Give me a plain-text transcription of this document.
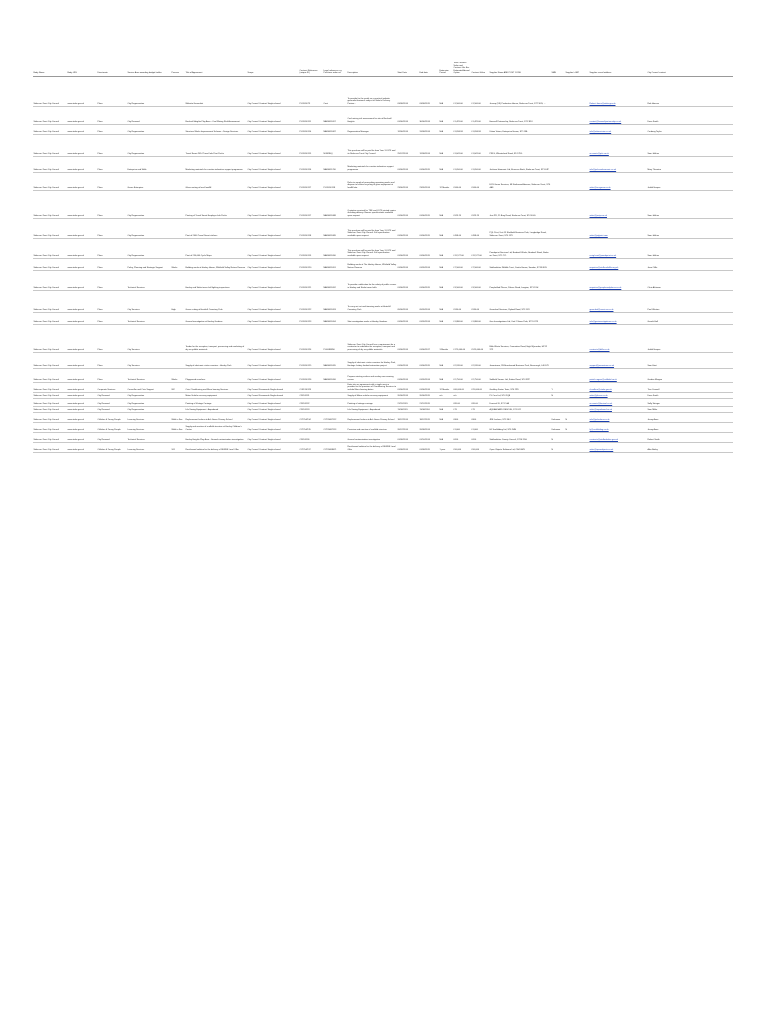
Body Name	Body URL	Directorate	Service Area awarding budget holder	Process	Title of Agreement	Scope	Contract Reference (unique ID)	Legal reference e.g. Purchase order no.	Description	Start Date	End date	Extension Period	Total Contract Value and Contract Life Exc Estimated Annual Option	Contract Value	Supplier Name AND POST CODE	SME	Supplier's VAT	Supplier e-mail address	City Council contact
Stoke-on-Trent City Council	www.stoke.gov.uk	Place	City Regeneration		Website Generalist	City Council Contract Single-shared	PL/2014/73	Cont	To provide for the youth an a practical website generalist business subject to Stoke's Delivery Partner...	03/08/2014	03/08/2015	N/A	£1,500.00	£1,500.00	Jessup (UK) Production House, Stoke-on-Trent, ST7 5DN, ...			Robert.Jones@stoke.gov.uk	Rob Hancox
Stoke-on-Trent City Council	www.stoke.gov.uk	Place	City Renewal		Bucknall Heights Play Area - Coal Mining Risk Assessment	City Council Contract Single-shared	PL/2014/111	NAR0011697	Coal mining risk assessment for site at Bucknall Heights	01/06/2014	30/06/2014	N/A	£1,425.00	£1,425.00	Haswell Partnership, Stoke-on-Trent, ST1 3RU			contact@haswellpartnership.co.uk	Dave Smith
Stoke-on-Trent City Council	www.stoke.gov.uk	Place	City Regeneration		Structure Works Improvement Scheme - Design Services	City Council Contract Single-shared	PL/2014/114	NAR0011687	Regeneration Manager	12/06/2014	31/08/2014	N/A	£1,834.98	£1,834.98	Urban Vision, Enterprise House, ST1 3BL			info@urbanvision.co.uk	Cerdeng Taylor
Stoke-on-Trent City Council	www.stoke.gov.uk	Place	City Regeneration		Travel Smart 2014 Travel Info Print Packs	City Council Contract Single-shared	PL/2014/115	NONREQ	This purchase will be paid for from Year 3 LSTF and its Stoke-on-Trent City Council.	29/07/2014	12/08/2014	N/A	£1,841.00	£1,841.00	PRLS, Wheatsheaf Road, ST4 7FG			accounts@prls.co.uk	Sam Jeffries
Stoke-on-Trent City Council	www.stoke.gov.uk	Place	Enterprise and Skills		Marketing materials for creative industries support programme	City Council Contract Single-shared	PL/2014/116	NAR0011700	Marketing materials for creative industries support programme	01/06/2014	01/06/2015	N/A	£1,650.00	£1,650.00	Jackson Harmonic Ltd, Etruscan Bank, Stoke-on-Trent, ST3 6JP			info@jacksonharmonic.co.uk	Mary Thornton
Stoke-on-Trent City Council	www.stoke.gov.uk	Place	Green Enterprise		Glass sorting at local landfill	City Council Contract Single-shared	PL/2014/117	PL/2014/118	Refer to supply of proceeding remaining works and dispose to ensure recycling of glass equipment at landfill site.	23/06/2014	23/09/2014	12 Months	£960.00	£960.00	ECS Green Services, 68 Northwood Avenue, Stoke-on-Trent, ST6 4AS			sales@ecsgreen.co.uk	Judith Hooper
Stoke-on-Trent City Council	www.stoke.gov.uk	Place	City Regeneration		Printing of Travel Smart Employer Info Packs	City Council Contract Single-shared	PL/2014/117	NAR0011688	Quotation received for TSE and LSTF printed copies including delivery. Banner specifications available upon request.	01/06/2014	01/06/2015	N/A	£923.29	£923.29	Just PR, 25 Bury Road, Stoke-on-Trent, ST4 4GG			sales@justpr.co.uk	Sam Jeffries
Stoke-on-Trent City Council	www.stoke.gov.uk	Place	City Regeneration		Print of 2000 Travel Smart stickers	City Council Contract Single-shared	PL/2014/118	NAR0011689	This purchase will be paid for from Year 3 LSTF and Stoke-on-Trent City Council. Full specification available upon request.	01/06/2014	01/06/2015	N/A	£498.00	£498.00	PQL Print, Unit 19 Sheffield Business Park, Longbridge Road, Stoke-on-Trent, ST4 1RY			sales@pqlprint.com	Sam Jeffries
Stoke-on-Trent City Council	www.stoke.gov.uk	Place	City Regeneration		Print of 250,000 Cycle Maps	City Council Contract Single-shared	PL/2014/119	NAR0011690	This purchase will be paid for from Year 3 LSTF and Stoke-on-Trent City Council. Full specification available upon request.	01/06/2014	01/06/2015	N/A	£11,577.00	£11,577.00	Pandaprint Services Ltd, Bradwell Works, Bradwell Road, Stoke-on-Trent, ST5 7YL			craig.hunt@pandaprint.co.uk	Sam Jeffries
Stoke-on-Trent City Council	www.stoke.gov.uk	Place	Policy, Planning and Strategic Support	Works	Building works at Hanley House, Whitfield Valley Nature Reserve	City Council Contract Single-shared	PL/2014/120	NAR0011691	Building works at The Hanley House, Whitfield Valley Nature Reserve	01/06/2014	01/09/2014	N/A	£7,500.00	£7,500.00	Staffordshire Wildlife Trust, Coutts House, Sandon, ST18 0DN			enquiries@staffs-wildlife.org.uk	Jane Cliffe
Stoke-on-Trent City Council	www.stoke.gov.uk	Place	Technical Services		Hanley and Stoke tower hall lighting inspections	City Council Contract Single-shared	PL/2014/121	NAR0011692	To provide certification for the safety of public access in Hanley and Stoke tower halls	01/06/2014	01/06/2015	N/A	£3,500.00	£3,500.00	People And Places, Palace Road, Longton, ST3 1XH			enquiries@peopleandplaces.co.uk	Chris Atkinson
Stoke-on-Trent City Council	www.stoke.gov.uk	Place	City Services	High	Grass cutting at Hartshill Cemetery Park	City Council Contract Single-shared	PL/2014/122	NAR0011693	To carry out cut and trimming works at Hartshill Cemetery Park	09/06/2014	09/09/2014	N/A	£930.00	£930.00	Greenleaf Services, Ryland Road, ST3 1XX			greenleaf@services.co.uk	Paul Weston
Stoke-on-Trent City Council	www.stoke.gov.uk	Place	Technical Services		Ground investigation at Hanley Gardens	City Council Contract Single-shared	PL/2014/123	NAR0011694	Site investigation works at Hanley Gardens	01/06/2014	01/09/2014	N/A	£1,880.00	£1,880.00	Geo Investigations Ltd, Unit 2 Stone Park, ST15 8TX			info@geoinvestigations.co.uk	Gareth Hall
Stoke-on-Trent City Council	www.stoke.gov.uk	Place	City Services		Tender for the reception, transport, processing and marketing of dry recyclable materials	City Council Contract Single-shared	PL/2014/124	PL/0088856	Stoke-on-Trent City Council has a requirement for a contractor to undertake the reception, transport and processing of dry recyclable materials.	01/06/2014	01/06/2017	3 Months	£175,000.00	£525,000.00	Biffa Waste Services, Coronation Road, High Wycombe, HP12 3TZ			contracts@biffa.co.uk	Judith Hooper
Stoke-on-Trent City Council	www.stoke.gov.uk	Place	City Services		Supply of electronic visitor counters - Hanley Park	City Council Contract Single-shared	PL/2014/125	NAR0011695	Supply of electronic visitor counters for Hanley Park, Heritage Lottery funded restoration project.	01/06/2014	01/06/2015	N/A	£2,935.00	£2,935.00	Jamestown, 2B Beechwood Business Park, Burscough, L40 8JY			support@jamestown.co.uk	Sam Hirst
Stoke-on-Trent City Council	www.stoke.gov.uk	Place	Technical Services	Works	Playground resurface	City Council Contract Single-shared	PL/2014/126	NAR0011696	Prepare existing surface and overlay new wearing course	01/06/2014	01/09/2014	N/A	£2,750.00	£2,750.00	Saltfield Tarmac Ltd, Sutton Road, ST4 3PP			patrick.rogers@saltfield.co.uk	Gordon Morgan
Stoke-on-Trent City Council	www.stoke.gov.uk	Corporate Services	Councillor and Civic Support	WC	Civic Chauffeuring and Mace bearing Services	City Council Framework Single-shared	COR/14/129		Enter into an agreement with a single service provider for the provision of Chauffeuring Services to include Mace bearing duties	01/06/2014	01/06/2016	12 Months	£60,000.00	£25,000.00	Geoffrey Foster Taxis, ST4 2PD	Y		chauffeur@stoke.gov.uk	Tina Caswell
Stoke-on-Trent City Council	www.stoke.gov.uk	City Renewal	City Regeneration		Motor Vehicle recovery equipment	City Council Framework Single-shared	CR/14/131		Supply of Motor vehicle recovery equipment	20/06/2014	20/06/2015	n/a	n/a		PL Cars Ltd, ST4 2QB	N		sales@plcars.co.uk	Dave Smith
Stoke-on-Trent City Council	www.stoke.gov.uk	City Renewal	City Regeneration		Painting of Vintage Carriage	City Council Contract Single-shared	CR/14/132		Painting of vintage carriage	21/11/2015	21/12/2015		£85.00	£85.00	Furnival 20, ST1 5JA			accounts@furnival.co.uk	Sally Stringer
Stoke-on-Trent City Council	www.stoke.gov.uk	City Renewal	City Regeneration		Life Saving Equipment - Aquaboard	City Council Contract Single-shared	CR/14/133		Life Saving Equipment - Aquaboard	11/06/2015	11/06/2016	N/A	£75	£75	AQUABOARD RESCUE, ST1 8JY			sales@aquaboard.co.uk	Sam Miller
Stoke-on-Trent City Council	www.stoke.gov.uk	Children & Young People	Learning Services	Walk in Fee	Replacement lockers at Ash Green Primary School	City Council Contract Single-shared	CYP/14/134	CYP/0087112	Replacement lockers at Ash Green Primary School	18/07/2014	18/07/2015	N/A	£800	£800	JRE Lockers, ST3 5EJ	Unknown	N	info@jrelockers.co.uk	Jenny Anne
Stoke-on-Trent City Council	www.stoke.gov.uk	Children & Young People	Learning Services	Walk in Fee	Supply and erection of scaffold structure at Hanley Children's Centre	City Council Contract Single-shared	CYP/14/135	CYP/0087113	Provision and erection of scaffold structure	26/07/2014	26/08/2014		£1,600	£1,600	HJ Scaffolding Ltd, ST6 2HN	Unknown	N	hj@scaffolding.co.uk	Jenny Anne
Stoke-on-Trent City Council	www.stoke.gov.uk	City Renewal	Technical Services		Hanley Heights Play Area - Ground contamination investigation	City Council Contract Single-shared	CR/14/136		Ground contamination investigation	01/08/2014	01/10/2014	N/A	£650	£650	Staffordshire County Council, ST16 2DH	N		contracts@staffordshire.gov.uk	Robert Smith
Stoke-on-Trent City Council	www.stoke.gov.uk	Children & Young People	Learning Services	SCI	Rent-based solution for the delivery of SENSS Local Offer	City Council Contract Single-shared	CYP/14/137	CYP/0088071	Rent-based solution for the delivery of SENSS Local Offer	01/08/2014	01/08/2015	1 year	£90,000	£90,000	Open Objects Software Ltd, CB4 0WS	N		sales@openobjects.co.uk	Alex Bailey
